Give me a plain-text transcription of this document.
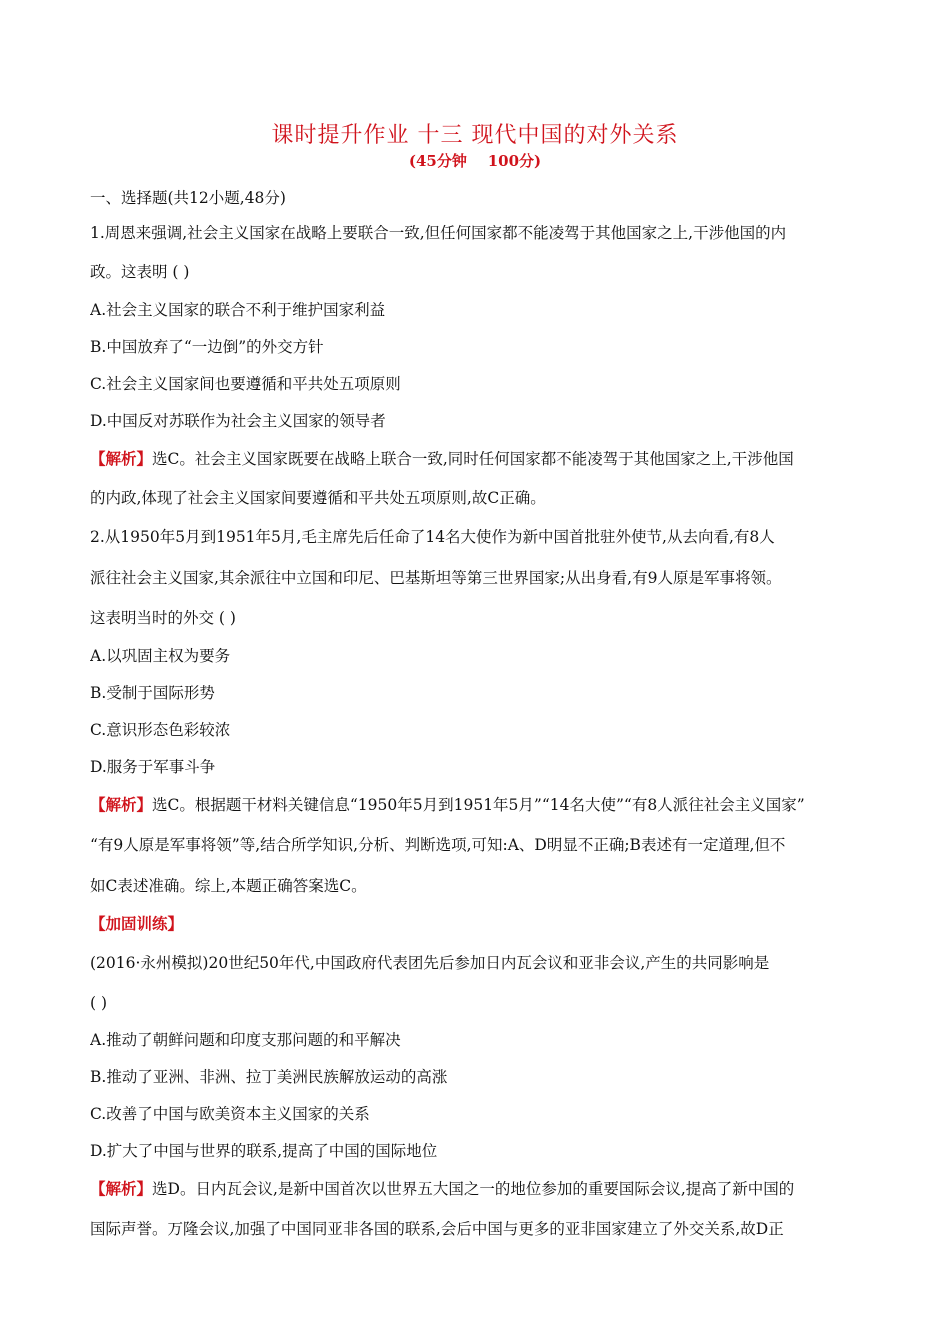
课时提升作业 十三 现代中国的对外关系
(45分钟    100分)
一、选择题(共12小题,48分)
1.周恩来强调,社会主义国家在战略上要联合一致,但任何国家都不能凌驾于其他国家之上,干涉他国的内
政。这表明 ( )
A.社会主义国家的联合不利于维护国家利益
B.中国放弃了“一边倒”的外交方针
C.社会主义国家间也要遵循和平共处五项原则
D.中国反对苏联作为社会主义国家的领导者
【解析】选C。社会主义国家既要在战略上联合一致,同时任何国家都不能凌驾于其他国家之上,干涉他国
的内政,体现了社会主义国家间要遵循和平共处五项原则,故C正确。
2.从1950年5月到1951年5月,毛主席先后任命了14名大使作为新中国首批驻外使节,从去向看,有8人
派往社会主义国家,其余派往中立国和印尼、巴基斯坦等第三世界国家;从出身看,有9人原是军事将领。
这表明当时的外交 ( )
A.以巩固主权为要务
B.受制于国际形势
C.意识形态色彩较浓
D.服务于军事斗争
【解析】选C。根据题干材料关键信息“1950年5月到1951年5月”“14名大使”“有8人派往社会主义国家”
“有9人原是军事将领”等,结合所学知识,分析、判断选项,可知:A、D明显不正确;B表述有一定道理,但不
如C表述准确。综上,本题正确答案选C。
【加固训练】
(2016·永州模拟)20世纪50年代,中国政府代表团先后参加日内瓦会议和亚非会议,产生的共同影响是
( )
A.推动了朝鲜问题和印度支那问题的和平解决
B.推动了亚洲、非洲、拉丁美洲民族解放运动的高涨
C.改善了中国与欧美资本主义国家的关系
D.扩大了中国与世界的联系,提高了中国的国际地位
【解析】选D。日内瓦会议,是新中国首次以世界五大国之一的地位参加的重要国际会议,提高了新中国的
国际声誉。万隆会议,加强了中国同亚非各国的联系,会后中国与更多的亚非国家建立了外交关系,故D正
